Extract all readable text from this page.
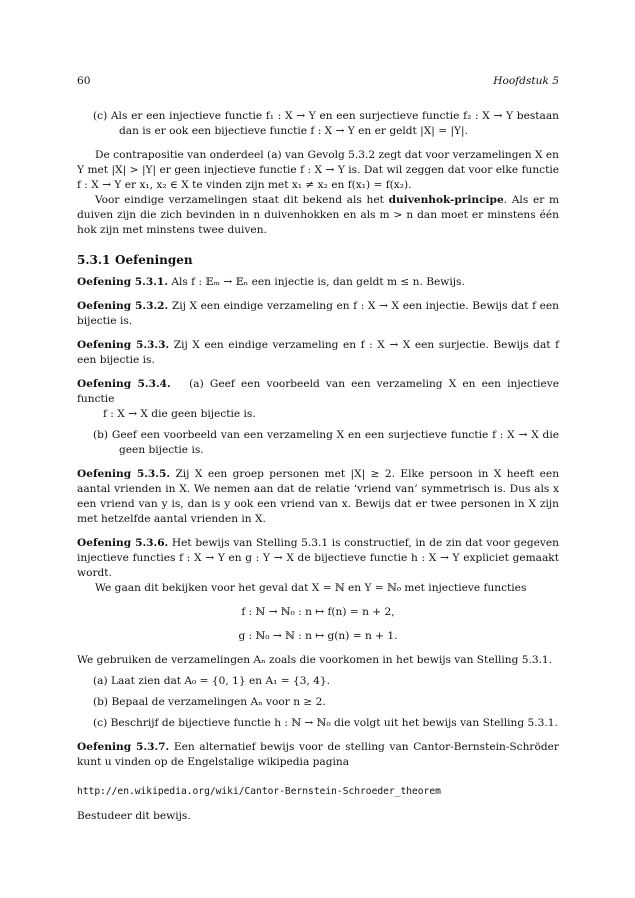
60	Hoofdstuk 5

(c) Als er een injectieve functie f₁ : X → Y en een surjectieve functie f₂ : X → Y bestaan dan is er ook een bijectieve functie f : X → Y en er geldt |X| = |Y|.

De contrapositie van onderdeel (a) van Gevolg 5.3.2 zegt dat voor verzamelingen X en Y met |X| > |Y| er geen injectieve functie f : X → Y is. Dat wil zeggen dat voor elke functie f : X → Y er x₁, x₂ ∈ X te vinden zijn met x₁ ≠ x₂ en f(x₁) = f(x₂).

Voor eindige verzamelingen staat dit bekend als het duivenhok-principe. Als er m duiven zijn die zich bevinden in n duivenhokken en als m > n dan moet er minstens één hok zijn met minstens twee duiven.

5.3.1 Oefeningen

Oefening 5.3.1. Als f : 𝔼ₘ → 𝔼ₙ een injectie is, dan geldt m ≤ n. Bewijs.

Oefening 5.3.2. Zij X een eindige verzameling en f : X → X een injectie. Bewijs dat f een bijectie is.

Oefening 5.3.3. Zij X een eindige verzameling en f : X → X een surjectie. Bewijs dat f een bijectie is.

Oefening 5.3.4. (a) Geef een voorbeeld van een verzameling X en een injectieve functie

f : X → X die geen bijectie is.

(b) Geef een voorbeeld van een verzameling X en een surjectieve functie f : X → X die geen bijectie is.

Oefening 5.3.5. Zij X een groep personen met |X| ≥ 2. Elke persoon in X heeft een aantal vrienden in X. We nemen aan dat de relatie ‘vriend van’ symmetrisch is. Dus als x een vriend van y is, dan is y ook een vriend van x. Bewijs dat er twee personen in X zijn met hetzelfde aantal vrienden in X.

Oefening 5.3.6. Het bewijs van Stelling 5.3.1 is constructief, in de zin dat voor gegeven injectieve functies f : X → Y en g : Y → X de bijectieve functie h : X → Y expliciet gemaakt wordt.

We gaan dit bekijken voor het geval dat X = ℕ en Y = ℕ₀ met injectieve functies

f : ℕ → ℕ₀ : n ↦ f(n) = n + 2,

g : ℕ₀ → ℕ : n ↦ g(n) = n + 1.

We gebruiken de verzamelingen Aₙ zoals die voorkomen in het bewijs van Stelling 5.3.1.

(a) Laat zien dat A₀ = {0, 1} en A₁ = {3, 4}.

(b) Bepaal de verzamelingen Aₙ voor n ≥ 2.

(c) Beschrijf de bijectieve functie h : ℕ → ℕ₀ die volgt uit het bewijs van Stelling 5.3.1.

Oefening 5.3.7. Een alternatief bewijs voor de stelling van Cantor-Bernstein-Schröder kunt u vinden op de Engelstalige wikipedia pagina

http://en.wikipedia.org/wiki/Cantor-Bernstein-Schroeder_theorem

Bestudeer dit bewijs.
